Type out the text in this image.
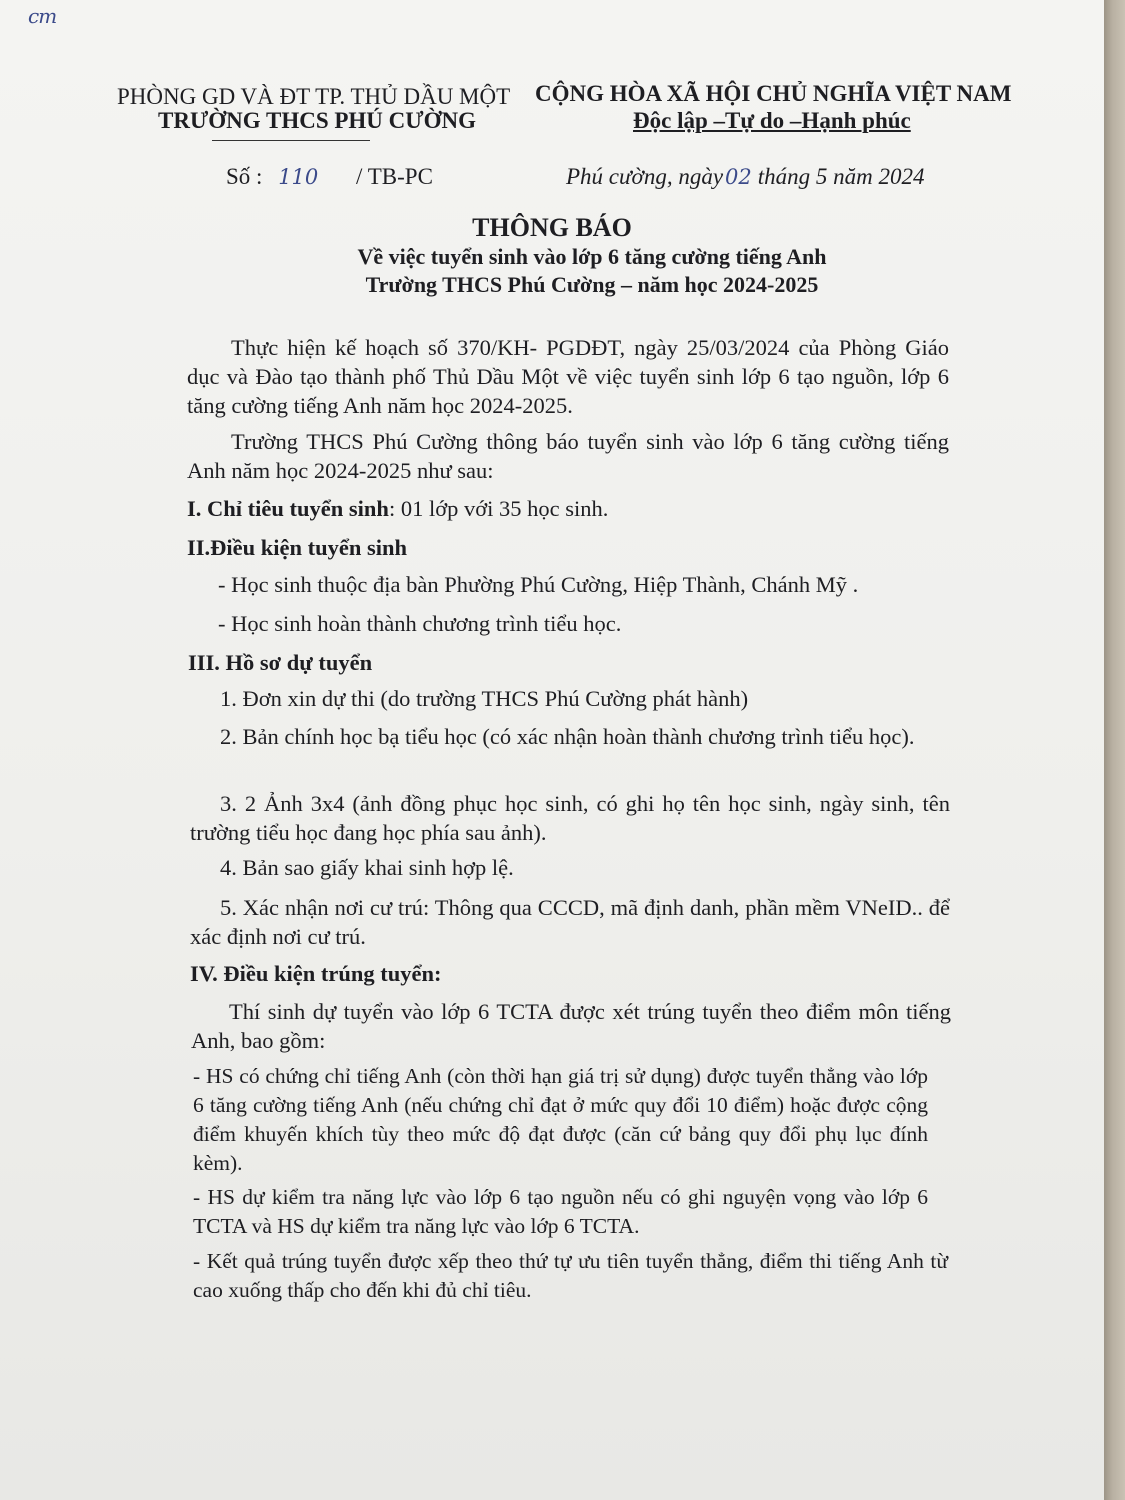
cm
PHÒNG GD VÀ ĐT TP. THỦ DẦU MỘT
TRƯỜNG THCS PHÚ CƯỜNG
CỘNG HÒA XÃ HỘI CHỦ NGHĨA VIỆT NAM
Độc lập –Tự do –Hạnh phúc
Số : 110 / TB-PC	Phú cường, ngày02 tháng 5 năm 2024
THÔNG BÁO
Về việc tuyển sinh vào lớp 6 tăng cường tiếng Anh
Trường THCS Phú Cường – năm học 2024-2025
Thực hiện kế hoạch số 370/KH- PGDĐT, ngày 25/03/2024 của Phòng Giáo dục và Đào tạo thành phố Thủ Dầu Một về việc tuyển sinh lớp 6 tạo nguồn, lớp 6 tăng cường tiếng Anh năm học 2024-2025.
Trường THCS Phú Cường thông báo tuyển sinh vào lớp 6 tăng cường tiếng Anh năm học 2024-2025 như sau:
I. Chỉ tiêu tuyển sinh: 01 lớp với 35 học sinh.
II.Điều kiện tuyển sinh
- Học sinh thuộc địa bàn Phường Phú Cường, Hiệp Thành, Chánh Mỹ .
- Học sinh hoàn thành chương trình tiểu học.
III. Hồ sơ dự tuyển
1. Đơn xin dự thi (do trường THCS Phú Cường phát hành)
2. Bản chính học bạ tiểu học (có xác nhận hoàn thành chương trình tiểu học).
3. 2 Ảnh 3x4 (ảnh đồng phục học sinh, có ghi họ tên học sinh, ngày sinh, tên trường tiểu học đang học phía sau ảnh).
4. Bản sao giấy khai sinh hợp lệ.
5. Xác nhận nơi cư trú: Thông qua CCCD, mã định danh, phần mềm VNeID.. để xác định nơi cư trú.
IV. Điều kiện trúng tuyển:
Thí sinh dự tuyển vào lớp 6 TCTA được xét trúng tuyển theo điểm môn tiếng Anh, bao gồm:
- HS có chứng chỉ tiếng Anh (còn thời hạn giá trị sử dụng) được tuyển thẳng vào lớp 6 tăng cường tiếng Anh (nếu chứng chỉ đạt ở mức quy đổi 10 điểm) hoặc được cộng điểm khuyến khích tùy theo mức độ đạt được (căn cứ bảng quy đổi phụ lục đính kèm).
- HS dự kiểm tra năng lực vào lớp 6 tạo nguồn nếu có ghi nguyện vọng vào lớp 6 TCTA và HS dự kiểm tra năng lực vào lớp 6 TCTA.
- Kết quả trúng tuyển được xếp theo thứ tự ưu tiên tuyển thẳng, điểm thi tiếng Anh từ cao xuống thấp cho đến khi đủ chỉ tiêu.
